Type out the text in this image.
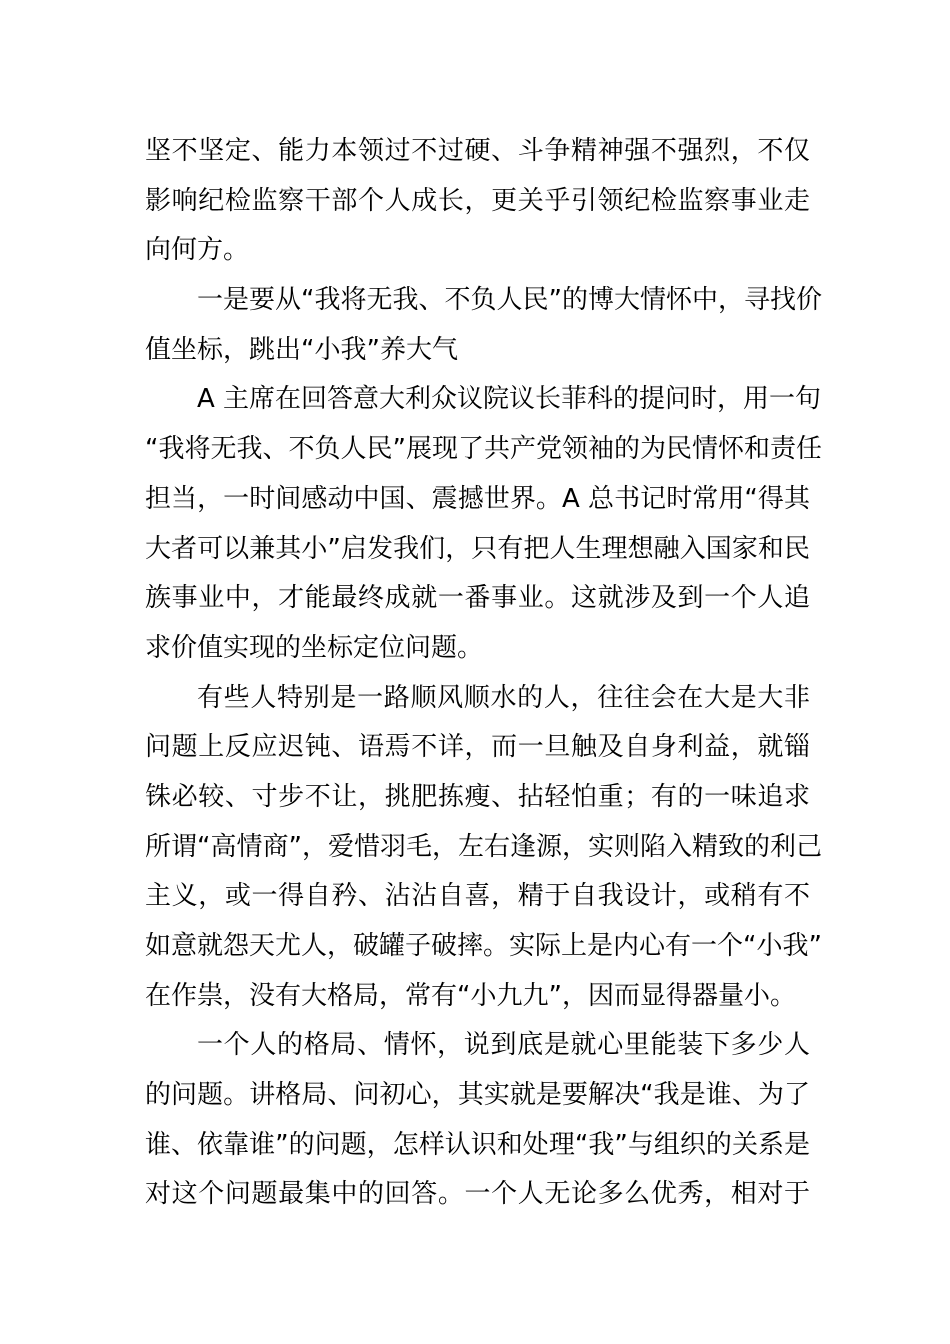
坚不坚定、能力本领过不过硬、斗争精神强不强烈，不仅
影响纪检监察干部个人成长，更关乎引领纪检监察事业走
向何方。
一是要从“我将无我、不负人民”的博大情怀中，寻找价
值坐标，跳出“小我”养大气
A 主席在回答意大利众议院议长菲科的提问时，用一句
“我将无我、不负人民”展现了共产党领袖的为民情怀和责任
担当，一时间感动中国、震撼世界。A 总书记时常用“得其
大者可以兼其小”启发我们，只有把人生理想融入国家和民
族事业中，才能最终成就一番事业。这就涉及到一个人追
求价值实现的坐标定位问题。
有些人特别是一路顺风顺水的人，往往会在大是大非
问题上反应迟钝、语焉不详，而一旦触及自身利益，就锱
铢必较、寸步不让，挑肥拣瘦、拈轻怕重；有的一味追求
所谓“高情商”，爱惜羽毛，左右逢源，实则陷入精致的利己
主义，或一得自矜、沾沾自喜，精于自我设计，或稍有不
如意就怨天尤人，破罐子破摔。实际上是内心有一个“小我”
在作祟，没有大格局，常有“小九九”，因而显得器量小。
一个人的格局、情怀，说到底是就心里能装下多少人
的问题。讲格局、问初心，其实就是要解决“我是谁、为了
谁、依靠谁”的问题，怎样认识和处理“我”与组织的关系是
对这个问题最集中的回答。一个人无论多么优秀，相对于
